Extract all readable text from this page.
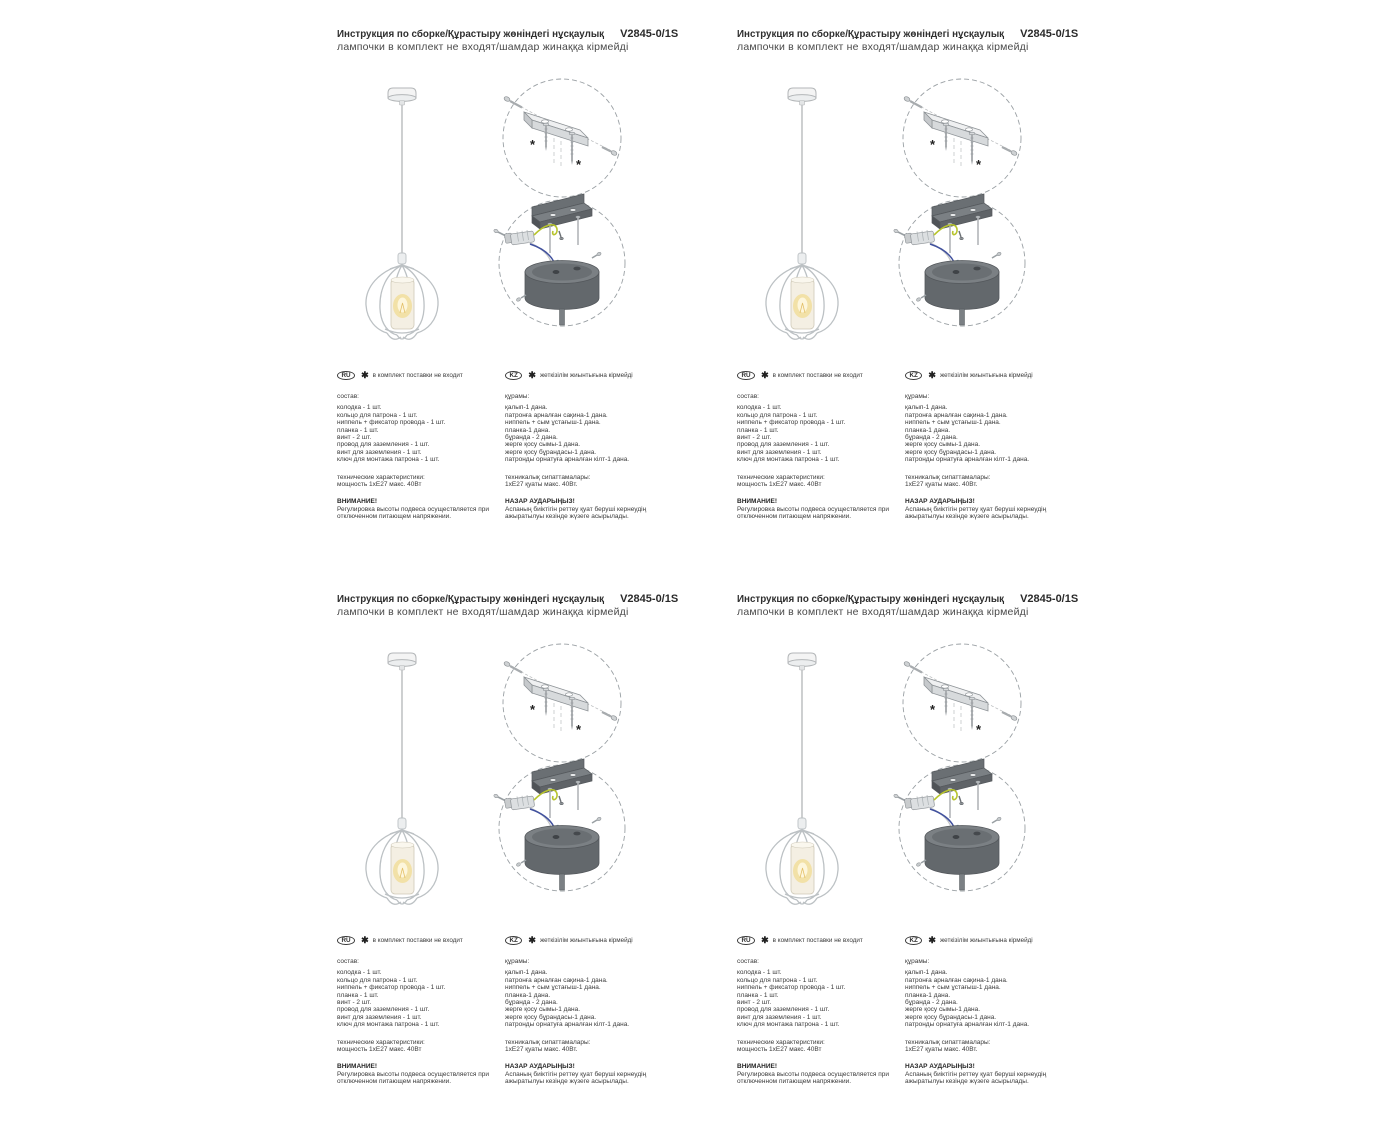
Инструкция по сборке/Құрастыру жөніндегі нұсқаулық V2845-0/1S
лампочки в комплект не входят/шамдар жинаққа кірмейді
*
*
RU	✱ в комплект поставки не входит
состав:
колодка - 1 шт.
кольцо для патрона - 1 шт.
ниппель + фиксатор провода - 1 шт.
планка - 1 шт.
винт - 2 шт.
провод для заземления - 1 шт.
винт для заземления - 1 шт.
ключ для монтажа патрона - 1 шт.
технические характеристики:
мощность 1xE27 макс. 40Вт
ВНИМАНИЕ!
Регулировка высоты подвеса осуществляется при отключенном питающем напряжении.
KZ	✱ жеткізілім жиынтығына кірмейді
құрамы:
қалып-1 дана.
патронға арналған сақина-1 дана.
ниппель + сым ұстағыш-1 дана.
планка-1 дана.
бұранда - 2 дана.
жерге қосу сымы-1 дана.
жерге қосу бұрандасы-1 дана.
патронды орнатуға арналған кілт-1 дана.
техникалық сипаттамалары:
1xE27 қуаты макс. 40Вт.
НАЗАР АУДАРЫҢЫЗ!
Аспаның биіктігін реттеу қуат беруші кернеудің ажыратылуы кезінде жүзеге асырылады.
Инструкция по сборке/Құрастыру жөніндегі нұсқаулық V2845-0/1S
лампочки в комплект не входят/шамдар жинаққа кірмейді
*
*
RU	✱ в комплект поставки не входит
состав:
колодка - 1 шт.
кольцо для патрона - 1 шт.
ниппель + фиксатор провода - 1 шт.
планка - 1 шт.
винт - 2 шт.
провод для заземления - 1 шт.
винт для заземления - 1 шт.
ключ для монтажа патрона - 1 шт.
технические характеристики:
мощность 1xE27 макс. 40Вт
ВНИМАНИЕ!
Регулировка высоты подвеса осуществляется при отключенном питающем напряжении.
KZ	✱ жеткізілім жиынтығына кірмейді
құрамы:
қалып-1 дана.
патронға арналған сақина-1 дана.
ниппель + сым ұстағыш-1 дана.
планка-1 дана.
бұранда - 2 дана.
жерге қосу сымы-1 дана.
жерге қосу бұрандасы-1 дана.
патронды орнатуға арналған кілт-1 дана.
техникалық сипаттамалары:
1xE27 қуаты макс. 40Вт.
НАЗАР АУДАРЫҢЫЗ!
Аспаның биіктігін реттеу қуат беруші кернеудің ажыратылуы кезінде жүзеге асырылады.
Инструкция по сборке/Құрастыру жөніндегі нұсқаулық V2845-0/1S
лампочки в комплект не входят/шамдар жинаққа кірмейді
*
*
RU	✱ в комплект поставки не входит
состав:
колодка - 1 шт.
кольцо для патрона - 1 шт.
ниппель + фиксатор провода - 1 шт.
планка - 1 шт.
винт - 2 шт.
провод для заземления - 1 шт.
винт для заземления - 1 шт.
ключ для монтажа патрона - 1 шт.
технические характеристики:
мощность 1xE27 макс. 40Вт
ВНИМАНИЕ!
Регулировка высоты подвеса осуществляется при отключенном питающем напряжении.
KZ	✱ жеткізілім жиынтығына кірмейді
құрамы:
қалып-1 дана.
патронға арналған сақина-1 дана.
ниппель + сым ұстағыш-1 дана.
планка-1 дана.
бұранда - 2 дана.
жерге қосу сымы-1 дана.
жерге қосу бұрандасы-1 дана.
патронды орнатуға арналған кілт-1 дана.
техникалық сипаттамалары:
1xE27 қуаты макс. 40Вт.
НАЗАР АУДАРЫҢЫЗ!
Аспаның биіктігін реттеу қуат беруші кернеудің ажыратылуы кезінде жүзеге асырылады.
Инструкция по сборке/Құрастыру жөніндегі нұсқаулық V2845-0/1S
лампочки в комплект не входят/шамдар жинаққа кірмейді
*
*
RU	✱ в комплект поставки не входит
состав:
колодка - 1 шт.
кольцо для патрона - 1 шт.
ниппель + фиксатор провода - 1 шт.
планка - 1 шт.
винт - 2 шт.
провод для заземления - 1 шт.
винт для заземления - 1 шт.
ключ для монтажа патрона - 1 шт.
технические характеристики:
мощность 1xE27 макс. 40Вт
ВНИМАНИЕ!
Регулировка высоты подвеса осуществляется при отключенном питающем напряжении.
KZ	✱ жеткізілім жиынтығына кірмейді
құрамы:
қалып-1 дана.
патронға арналған сақина-1 дана.
ниппель + сым ұстағыш-1 дана.
планка-1 дана.
бұранда - 2 дана.
жерге қосу сымы-1 дана.
жерге қосу бұрандасы-1 дана.
патронды орнатуға арналған кілт-1 дана.
техникалық сипаттамалары:
1xE27 қуаты макс. 40Вт.
НАЗАР АУДАРЫҢЫЗ!
Аспаның биіктігін реттеу қуат беруші кернеудің ажыратылуы кезінде жүзеге асырылады.
